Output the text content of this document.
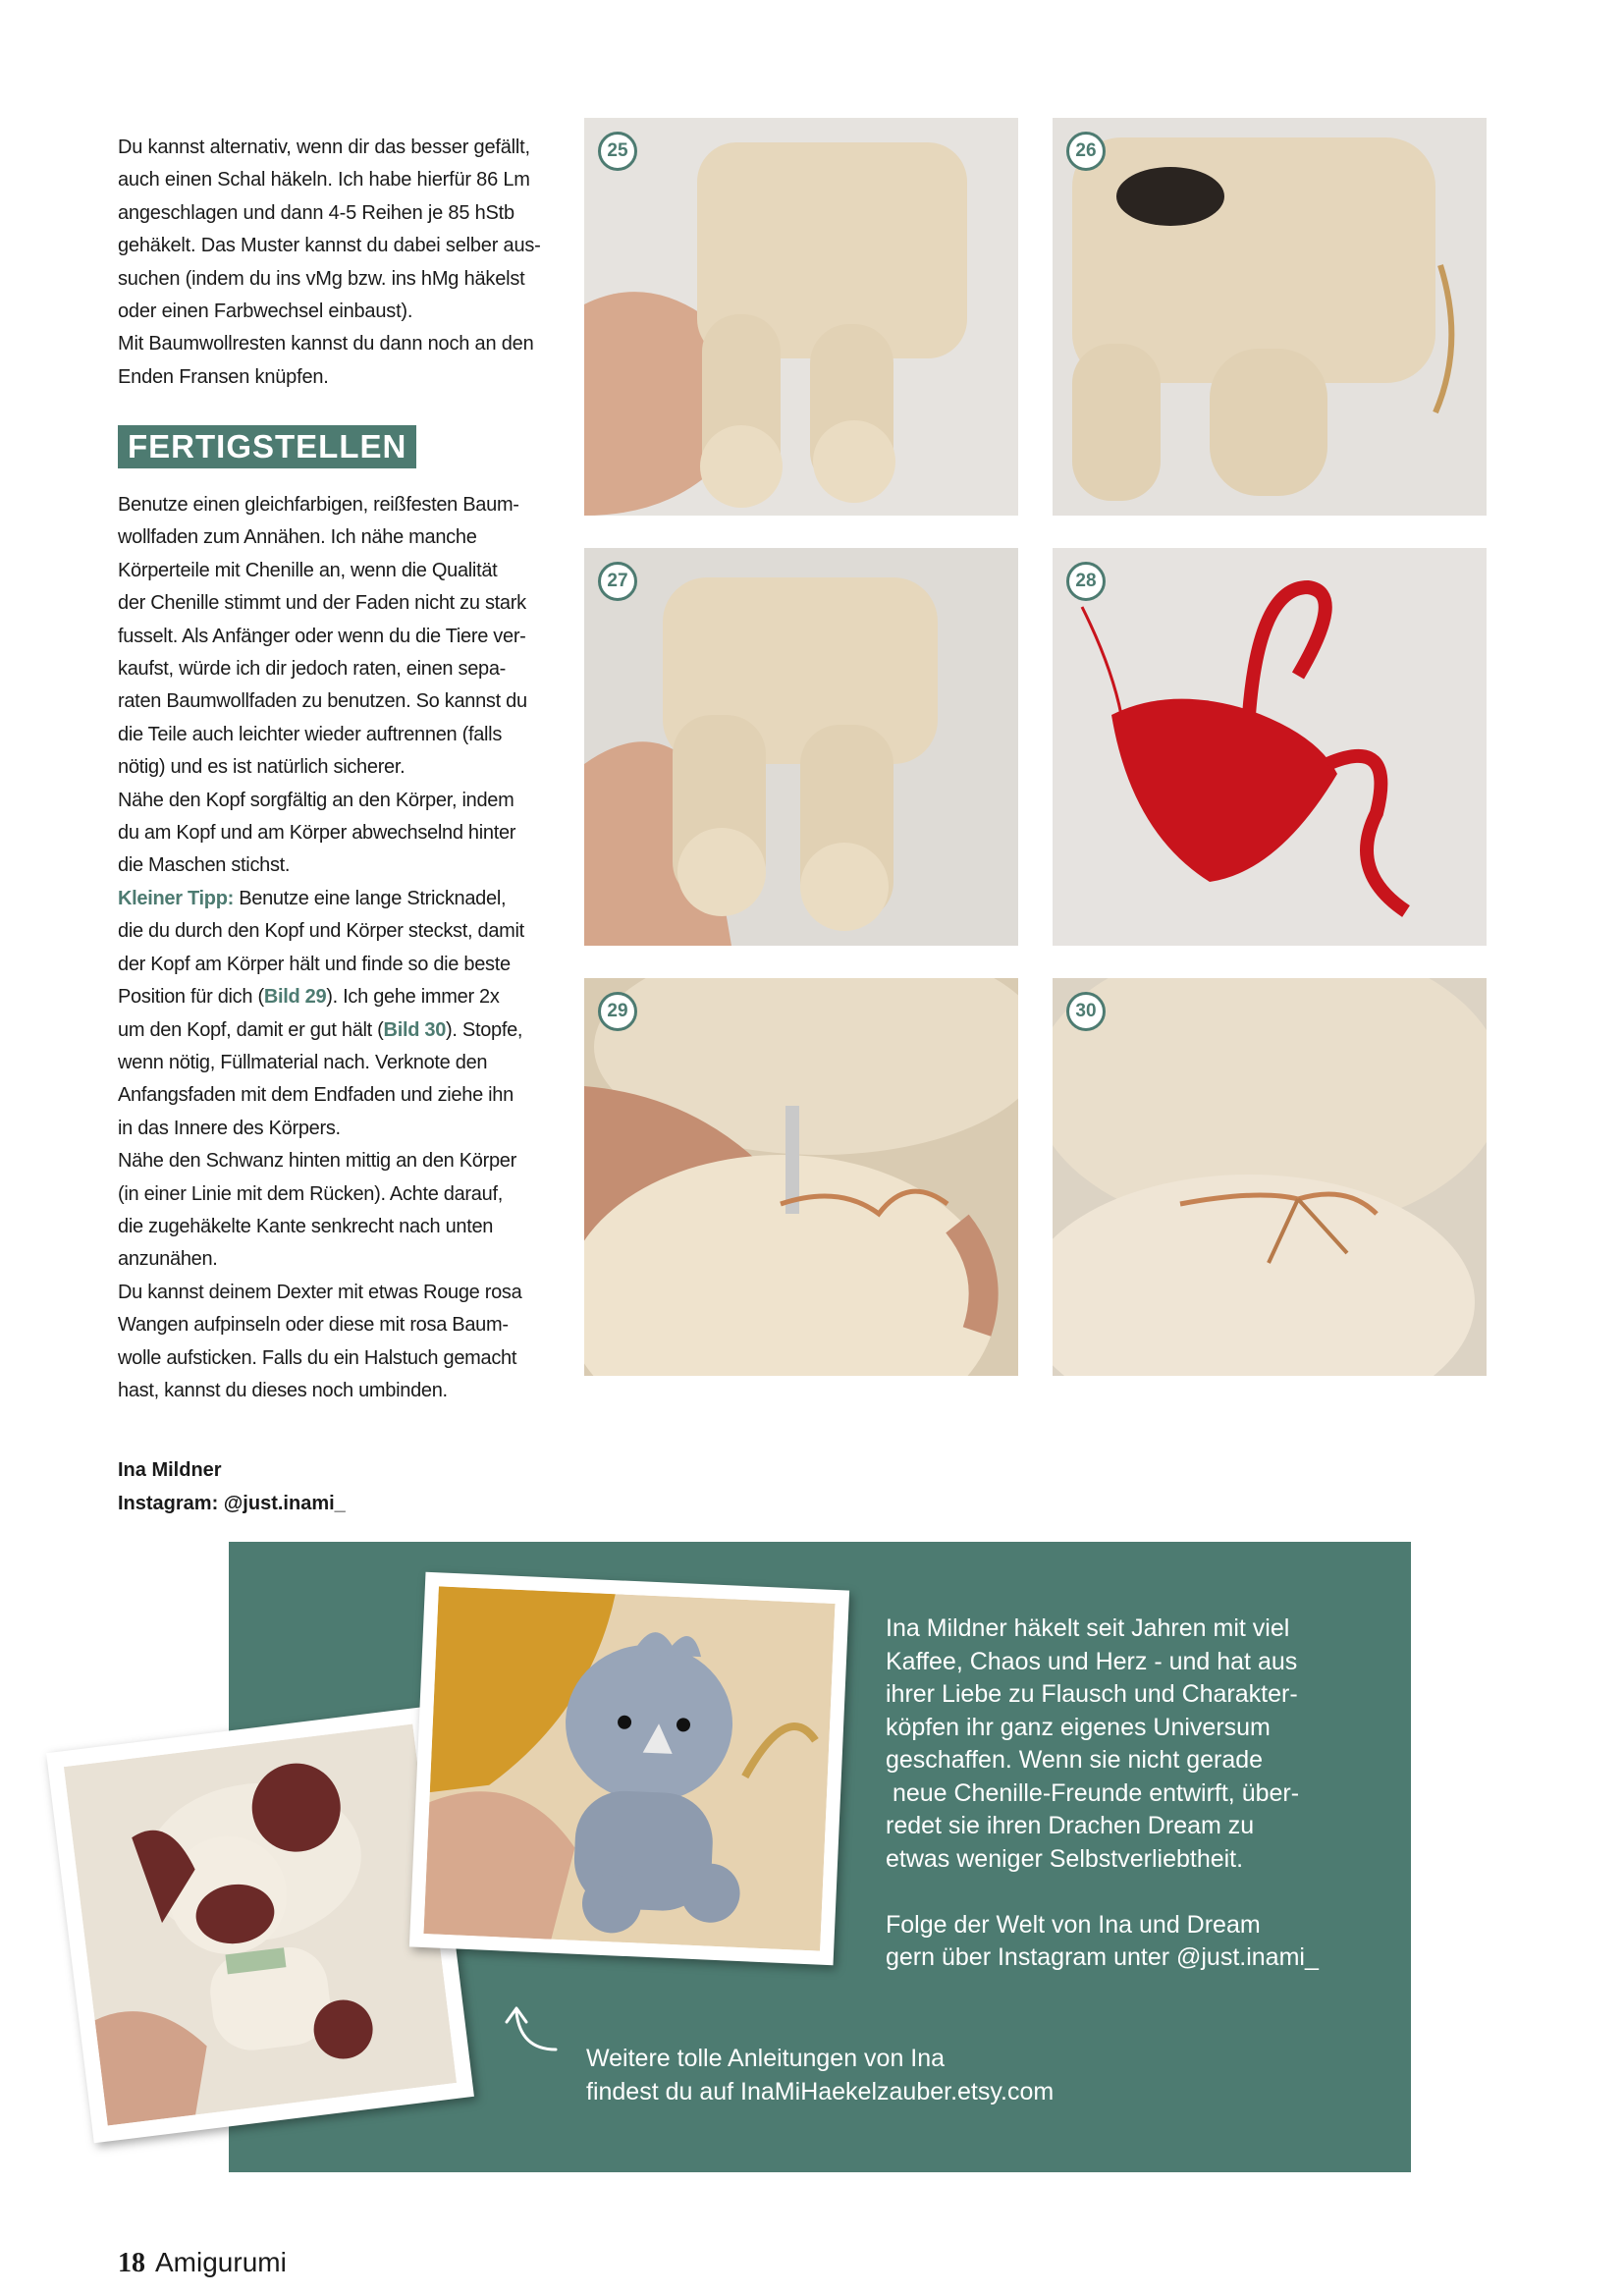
Du kannst alternativ, wenn dir das besser gefällt,

auch einen Schal häkeln. Ich habe hierfür 86 Lm

angeschlagen und dann 4-5 Reihen je 85 hStb

gehäkelt. Das Muster kannst du dabei selber aus-

suchen (indem du ins vMg bzw. ins hMg häkelst

oder einen Farbwechsel einbaust).

Mit Baumwollresten kannst du dann noch an den

Enden Fransen knüpfen.

FERTIGSTELLEN

Benutze einen gleichfarbigen, reißfesten Baum-

wollfaden zum Annähen. Ich nähe manche

Körperteile mit Chenille an, wenn die Qualität

der Chenille stimmt und der Faden nicht zu stark

fusselt. Als Anfänger oder wenn du die Tiere ver-

kaufst, würde ich dir jedoch raten, einen sepa-

raten Baumwollfaden zu benutzen. So kannst du

die Teile auch leichter wieder auftrennen (falls

nötig) und es ist natürlich sicherer.

Nähe den Kopf sorgfältig an den Körper, indem

du am Kopf und am Körper abwechselnd hinter

die Maschen stichst.

Kleiner Tipp: Benutze eine lange Stricknadel,

die du durch den Kopf und Körper steckst, damit

der Kopf am Körper hält und finde so die beste

Position für dich (Bild 29). Ich gehe immer 2x

um den Kopf, damit er gut hält (Bild 30). Stopfe,

wenn nötig, Füllmaterial nach. Verknote den

Anfangsfaden mit dem Endfaden und ziehe ihn

in das Innere des Körpers.

Nähe den Schwanz hinten mittig an den Körper

(in einer Linie mit dem Rücken). Achte darauf,

die zugehäkelte Kante senkrecht nach unten

anzunähen.

Du kannst deinem Dexter mit etwas Rouge rosa

Wangen aufpinseln oder diese mit rosa Baum-

wolle aufsticken. Falls du ein Halstuch gemacht

hast, kannst du dieses noch umbinden.

Ina Mildner
Instagram: @just.inami_
25	26
27	28
29	30

Ina Mildner häkelt seit Jahren mit viel
Kaffee, Chaos und Herz - und hat aus
ihrer Liebe zu Flausch und Charakter-
köpfen ihr ganz eigenes Universum
geschaffen. Wenn sie nicht gerade
neue Chenille-Freunde entwirft, über-
redet sie ihren Drachen Dream zu
etwas weniger Selbstverliebtheit.

Folge der Welt von Ina und Dream
gern über Instagram unter @just.inami_

Weitere tolle Anleitungen von Ina
findest du auf InaMiHaekelzauber.etsy.com
18 Amigurumi
